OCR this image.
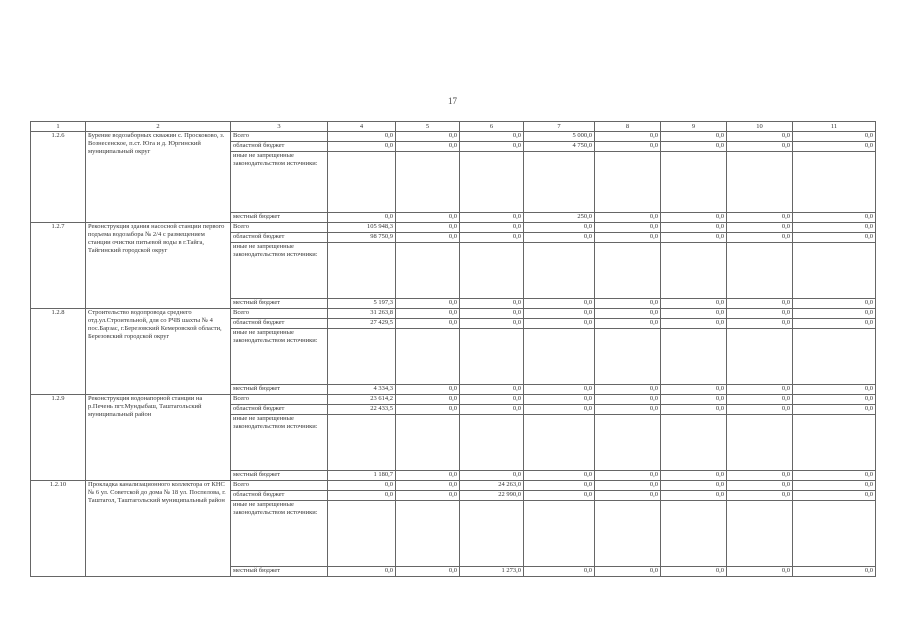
17
1	2	3	4	5	6	7	8	9	10	11
1.2.6	Бурение водозаборных скважин с. Проскоково, з. Вознесенское, п.ст. Юга и д. Юргинский муниципальный округ	Всего	0,0	0,0	0,0	5 000,0	0,0	0,0	0,0	0,0
		областной бюджет	0,0	0,0	0,0	4 750,0	0,0	0,0	0,0	0,0
		иные не запрещенные законодательством источники:								
		местный бюджет	0,0	0,0	0,0	250,0	0,0	0,0	0,0	0,0
1.2.7	Реконструкция здания насосной станции первого подъема водозабора № 2/4 с размещением станции очистки питьевой воды в г.Тайга, Тайгинский городской округ	Всего	105 948,3	0,0	0,0	0,0	0,0	0,0	0,0	0,0
		областной бюджет	98 750,9	0,0	0,0	0,0	0,0	0,0	0,0	0,0
		иные не запрещенные законодательством источники:								
		местный бюджет	5 197,3	0,0	0,0	0,0	0,0	0,0	0,0	0,0
1.2.8	Строительство водопровода среднего отд.ул.Строительной, для со РЧВ шахты № 4 пос.Барзас, г.Березовский Кемеровской области, Березовский городской округ	Всего	31 263,8	0,0	0,0	0,0	0,0	0,0	0,0	0,0
		областной бюджет	27 429,5	0,0	0,0	0,0	0,0	0,0	0,0	0,0
		иные не запрещенные законодательством источники:								
		местный бюджет	4 334,3	0,0	0,0	0,0	0,0	0,0	0,0	0,0
1.2.9	Реконструкция водонапорной станции на р.Печень пгт.Мундыбаш, Таштагольский муниципальный район	Всего	23 614,2	0,0	0,0	0,0	0,0	0,0	0,0	0,0
		областной бюджет	22 433,5	0,0	0,0	0,0	0,0	0,0	0,0	0,0
		иные не запрещенные законодательством источники:								
		местный бюджет	1 180,7	0,0	0,0	0,0	0,0	0,0	0,0	0,0
1.2.10	Прокладка канализационного коллектора от КНС № 6 ул. Советской до дома № 18 ул. Поспелова, г. Таштагол, Таштагольский муниципальный район	Всего	0,0	0,0	24 263,0	0,0	0,0	0,0	0,0	0,0
		областной бюджет	0,0	0,0	22 990,0	0,0	0,0	0,0	0,0	0,0
		иные не запрещенные законодательством источники:								
		местный бюджет	0,0	0,0	1 273,0	0,0	0,0	0,0	0,0	0,0
